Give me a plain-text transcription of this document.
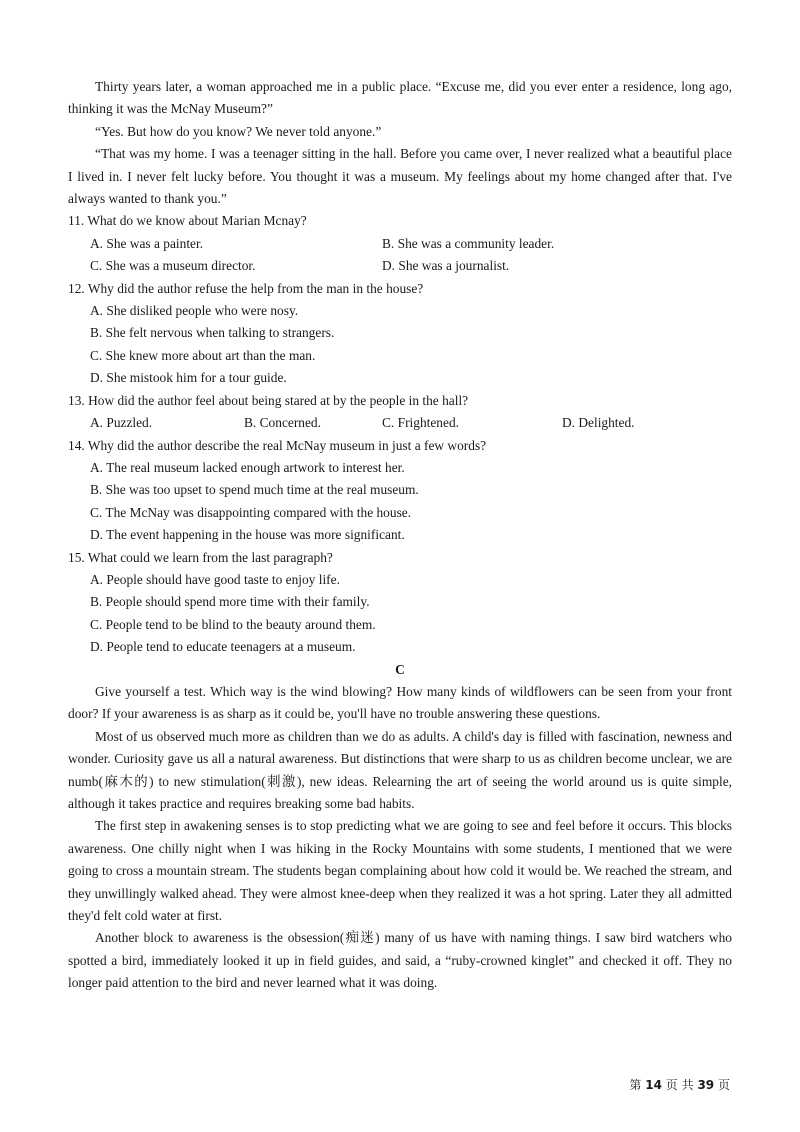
Thirty years later, a woman approached me in a public place. “Excuse me, did you ever enter a residence, long ago, thinking it was the McNay Museum?”

“Yes. But how do you know? We never told anyone.”

“That was my home. I was a teenager sitting in the hall. Before you came over, I never realized what a beautiful place I lived in. I never felt lucky before. You thought it was a museum. My feelings about my home changed after that. I've always wanted to thank you.”

11. What do we know about Marian Mcnay?
A. She was a painter.	B. She was a community leader.
C. She was a museum director.	D. She was a journalist.
12. Why did the author refuse the help from the man in the house?
A. She disliked people who were nosy.
B. She felt nervous when talking to strangers.
C. She knew more about art than the man.
D. She mistook him for a tour guide.
13. How did the author feel about being stared at by the people in the hall?
A. Puzzled.	B. Concerned.	C. Frightened.	D. Delighted.
14. Why did the author describe the real McNay museum in just a few words?
A. The real museum lacked enough artwork to interest her.
B. She was too upset to spend much time at the real museum.
C. The McNay was disappointing compared with the house.
D. The event happening in the house was more significant.
15. What could we learn from the last paragraph?
A. People should have good taste to enjoy life.
B. People should spend more time with their family.
C. People tend to be blind to the beauty around them.
D. People tend to educate teenagers at a museum.
C

Give yourself a test. Which way is the wind blowing? How many kinds of wildflowers can be seen from your front door? If your awareness is as sharp as it could be, you'll have no trouble answering these questions.

Most of us observed much more as children than we do as adults. A child's day is filled with fascination, newness and wonder. Curiosity gave us all a natural awareness. But distinctions that were sharp to us as children become unclear, we are numb(麻木的) to new stimulation(刺激), new ideas. Relearning the art of seeing the world around us is quite simple, although it takes practice and requires breaking some bad habits.

The first step in awakening senses is to stop predicting what we are going to see and feel before it occurs. This blocks awareness. One chilly night when I was hiking in the Rocky Mountains with some students, I mentioned that we were going to cross a mountain stream. The students began complaining about how cold it would be. We reached the stream, and they unwillingly walked ahead. They were almost knee-deep when they realized it was a hot spring. Later they all admitted they'd felt cold water at first.

Another block to awareness is the obsession(痴迷) many of us have with naming things. I saw bird watchers who spotted a bird, immediately looked it up in field guides, and said, a “ruby-crowned kinglet” and checked it off. They no longer paid attention to the bird and never learned what it was doing.

第 14 页 共 39 页
